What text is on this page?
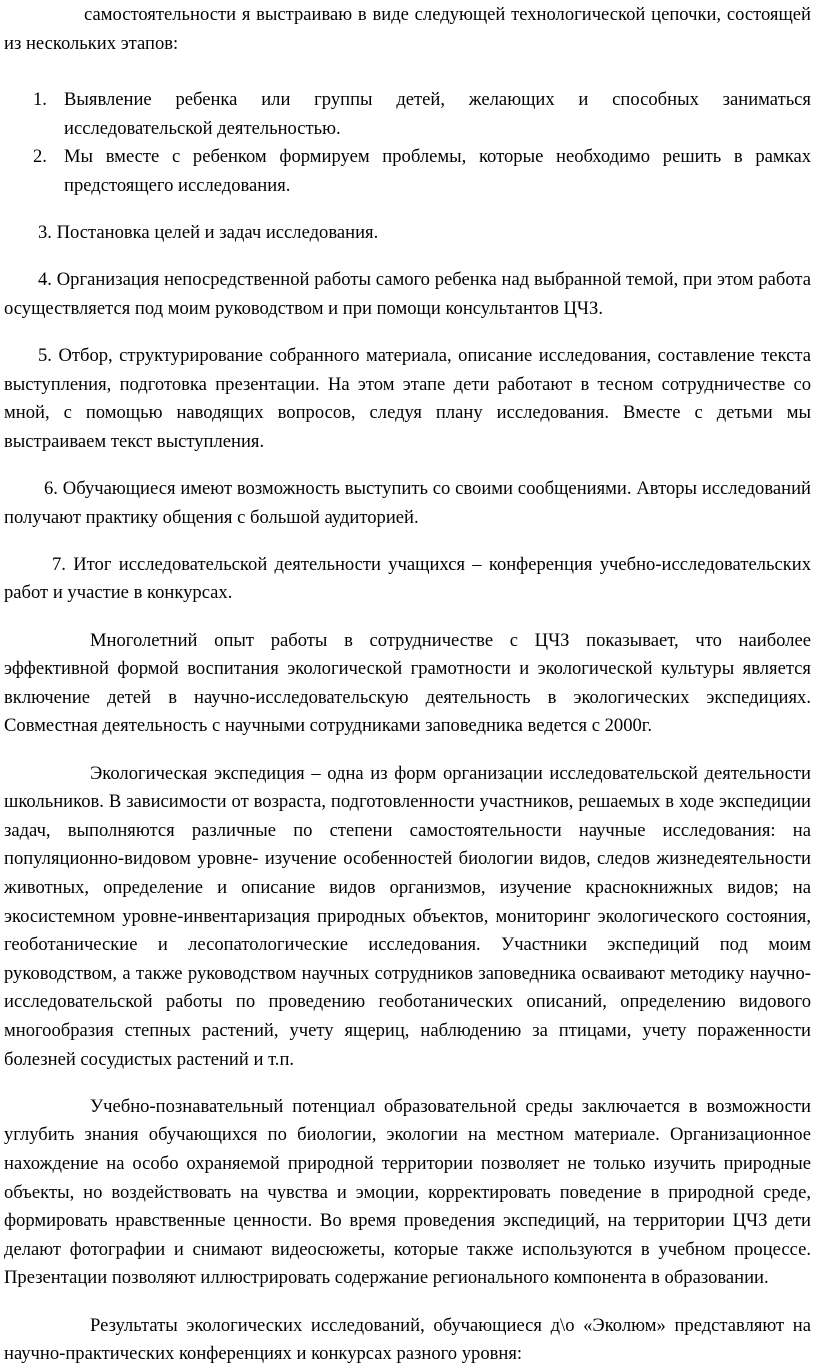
самостоятельности я выстраиваю в виде следующей технологической цепочки, состоящей из нескольких этапов:

1. Выявление ребенка или группы детей, желающих и способных заниматься исследовательской деятельностью.
2. Мы вместе с ребенком формируем проблемы, которые необходимо решить в рамках предстоящего исследования.

3. Постановка целей и задач исследования.

4. Организация непосредственной работы самого ребенка над выбранной темой, при этом работа осуществляется под моим руководством и при помощи консультантов ЦЧЗ.

5. Отбор, структурирование собранного материала, описание исследования, составление текста выступления, подготовка презентации. На этом этапе дети работают в тесном сотрудничестве со мной, с помощью наводящих вопросов, следуя плану исследования. Вместе с детьми мы выстраиваем текст выступления.

6. Обучающиеся имеют возможность выступить со своими сообщениями. Авторы исследований получают практику общения с большой аудиторией.

7. Итог исследовательской деятельности учащихся – конференция учебно-исследовательских работ и участие в конкурсах.

Многолетний опыт работы в сотрудничестве с ЦЧЗ показывает, что наиболее эффективной формой воспитания экологической грамотности и экологической культуры является включение детей в научно-исследовательскую деятельность в экологических экспедициях. Совместная деятельность с научными сотрудниками заповедника ведется с 2000г.

Экологическая экспедиция – одна из форм организации исследовательской деятельности школьников. В зависимости от возраста, подготовленности участников, решаемых в ходе экспедиции задач, выполняются различные по степени самостоятельности научные исследования: на популяционно-видовом уровне- изучение особенностей биологии видов, следов жизнедеятельности животных, определение и описание видов организмов, изучение краснокнижных видов; на экосистемном уровне-инвентаризация природных объектов, мониторинг экологического состояния, геоботанические и лесопатологические исследования. Участники экспедиций под моим руководством, а также руководством научных сотрудников заповедника осваивают методику научно-исследовательской работы по проведению геоботанических описаний, определению видового многообразия степных растений, учету ящериц, наблюдению за птицами, учету пораженности болезней сосудистых растений и т.п.

Учебно-познавательный потенциал образовательной среды заключается в возможности углубить знания обучающихся по биологии, экологии на местном материале. Организационное нахождение на особо охраняемой природной территории позволяет не только изучить природные объекты, но воздействовать на чувства и эмоции, корректировать поведение в природной среде, формировать нравственные ценности. Во время проведения экспедиций, на территории ЦЧЗ дети делают фотографии и снимают видеосюжеты, которые также используются в учебном процессе. Презентации позволяют иллюстрировать содержание регионального компонента в образовании.

Результаты экологических исследований, обучающиеся д\о «Эколюм» представляют на научно-практических конференциях и конкурсах разного уровня:
